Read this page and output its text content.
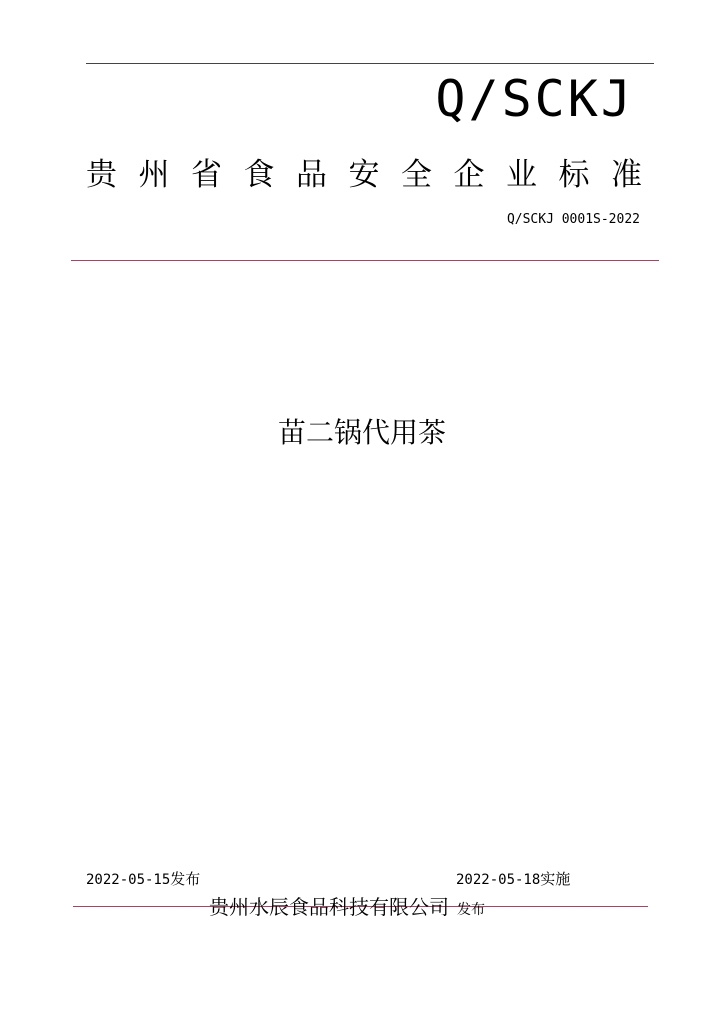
Q/SCKJ
贵 州 省 食 品 安 全 企 业 标 准
Q/SCKJ 0001S-2022
苗二锅代用茶
2022-05-15发布	2022-05-18实施
贵州水辰食品科技有限公司 发布
